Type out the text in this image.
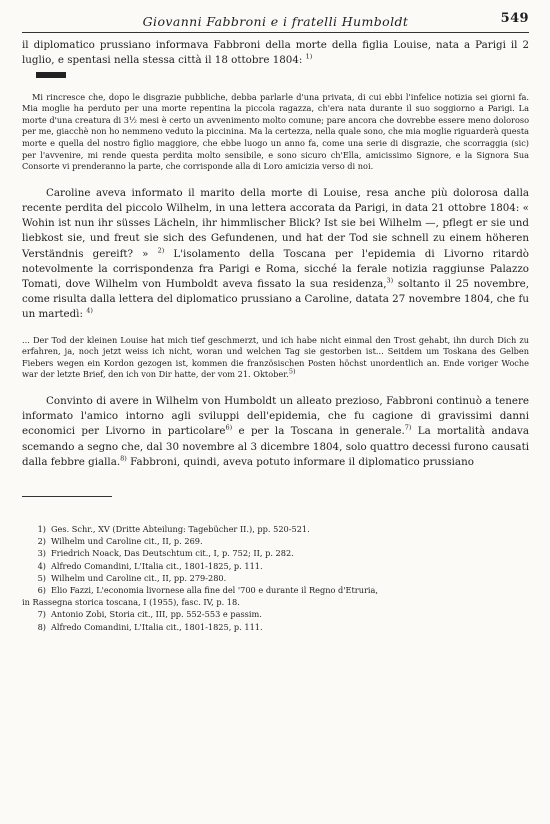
Giovanni Fabbroni e i fratelli Humboldt	549

il diplomatico prussiano informava Fabbroni della morte della figlia Louise, nata a Parigi il 2 luglio, e spentasi nella stessa città il 18 ottobre 1804: $^{1)}$

Mi rincresce che, dopo le disgrazie pubbliche, debba parlarle d'una privata, di cui ebbi l'infelice notizia sei giorni fa. Mia moglie ha perduto per una morte repentina la piccola ragazza, ch'era nata durante il suo soggiorno a Parigi. La morte d'una creatura di 3½ mesi è certo un avvenimento molto comune; pare ancora che dovrebbe essere meno doloroso per me, giacchè non ho nemmeno veduto la piccinina. Ma la certezza, nella quale sono, che mia moglie riguarderà questa morte e quella del nostro figlio maggiore, che ebbe luogo un anno fa, come una serie di disgrazie, che scorraggia (sic) per l'avvenire, mi rende questa perdita molto sensibile, e sono sicuro ch'Ella, amicissimo Signore, e la Signora Sua Consorte vi prenderanno la parte, che corrisponde alla di Loro amicizia verso di noi.

Caroline aveva informato il marito della morte di Louise, resa anche più dolorosa dalla recente perdita del piccolo Wilhelm, in una lettera accorata da Parigi, in data 21 ottobre 1804: « Wohin ist nun ihr süsses Lächeln, ihr himmlischer Blick? Ist sie bei Wilhelm —, pflegt er sie und liebkost sie, und freut sie sich des Gefundenen, und hat der Tod sie schnell zu einem höheren Verständnis gereift? » $^{2)}$ L'isolamento della Toscana per l'epidemia di Livorno ritardò notevolmente la corrispondenza fra Parigi e Roma, sicché la ferale notizia raggiunse Palazzo Tomati, dove Wilhelm von Humboldt aveva fissato la sua residenza,$^{3)}$ soltanto il 25 novembre, come risulta dalla lettera del diplomatico prussiano a Caroline, datata 27 novembre 1804, che fu un martedì: $^{4)}$

... Der Tod der kleinen Louise hat mich tief geschmerzt, und ich habe nicht einmal den Trost gehabt, ihn durch Dich zu erfahren, ja, noch jetzt weiss ich nicht, woran und welchen Tag sie gestorben ist... Seitdem um Toskana des Gelben Fiebers wegen ein Kordon gezogen ist, kommen die französischen Posten höchst unordentlich an. Ende voriger Woche war der letzte Brief, den ich von Dir hatte, der vom 21. Oktober.$^{5)}$

Convinto di avere in Wilhelm von Humboldt un alleato prezioso, Fabbroni continuò a tenere informato l'amico intorno agli sviluppi dell'epidemia, che fu cagione di gravissimi danni economici per Livorno in particolare$^{6)}$ e per la Toscana in generale.$^{7)}$ La mortalità andava scemando a segno che, dal 30 novembre al 3 dicembre 1804, solo quattro decessi furono causati dalla febbre gialla.$^{8)}$ Fabbroni, quindi, aveva potuto informare il diplomatico prussiano

1) Ges. Schr., XV (Dritte Abteilung: Tagebücher II.), pp. 520-521.
2) Wilhelm und Caroline cit., II, p. 269.
3) Friedrich Noack, Das Deutschtum cit., I, p. 752; II, p. 282.
4) Alfredo Comandini, L'Italia cit., 1801-1825, p. 111.
5) Wilhelm und Caroline cit., II, pp. 279-280.
6) Elio Fazzi, L'economia livornese alla fine del '700 e durante il Regno d'Etruria,
in Rassegna storica toscana, I (1955), fasc. IV, p. 18.
7) Antonio Zobi, Storia cit., III, pp. 552-553 e passim.
8) Alfredo Comandini, L'Italia cit., 1801-1825, p. 111.
